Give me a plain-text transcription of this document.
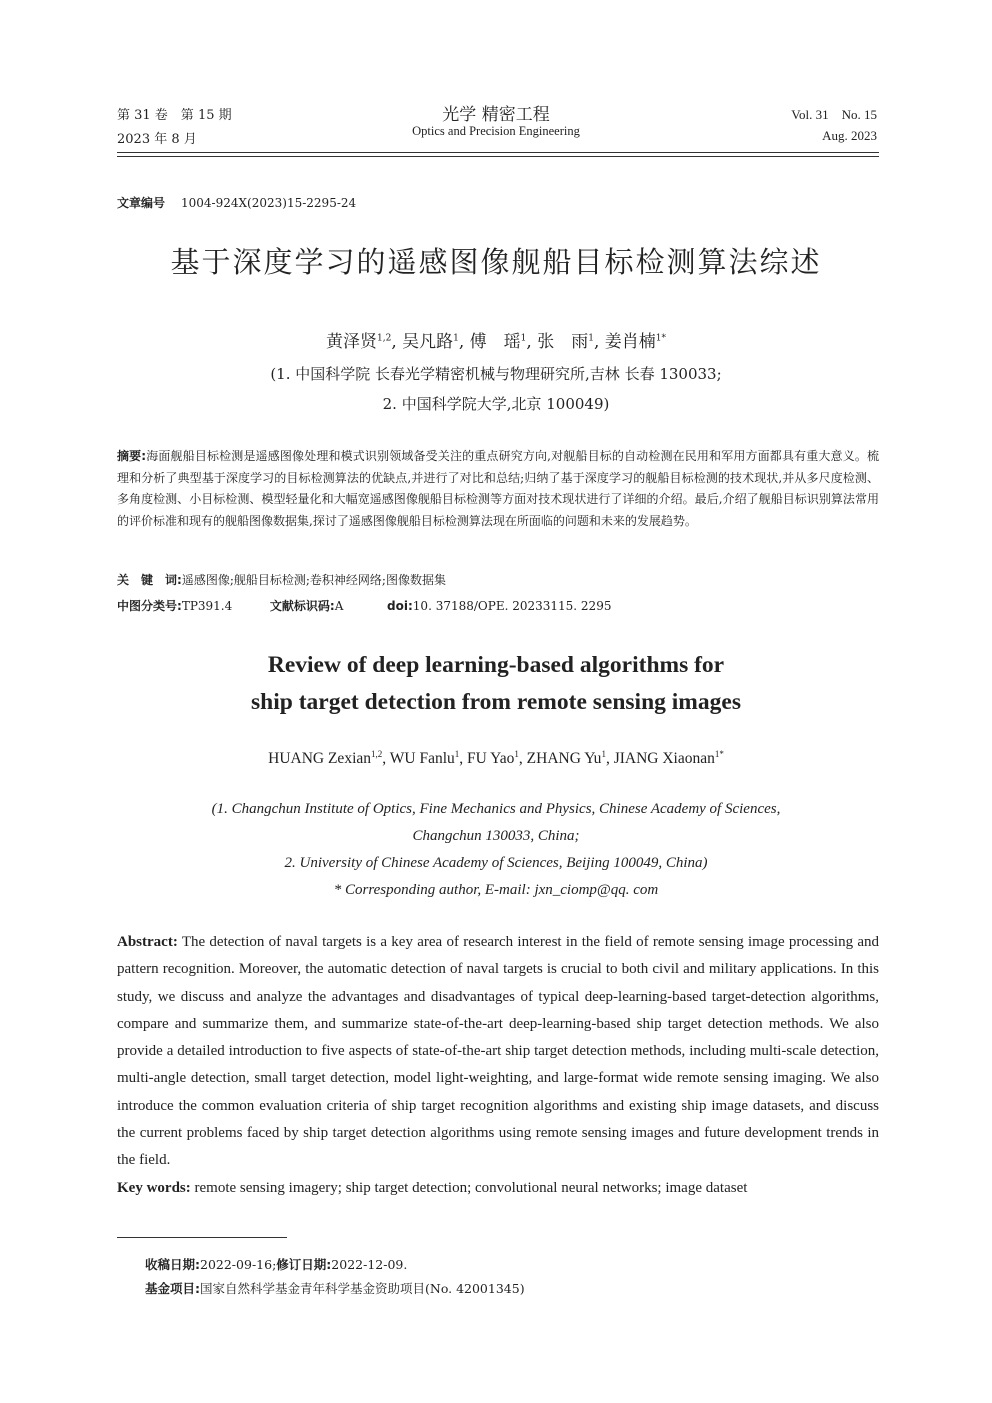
第 31 卷　第 15 期
2023 年 8 月
光学 精密工程
Optics and Precision Engineering
Vol. 31　No. 15
Aug. 2023
文章编号 1004-924X(2023)15-2295-24
基于深度学习的遥感图像舰船目标检测算法综述
黄泽贤$^{1,2}$, 吴凡路$^1$, 傅　瑶$^1$, 张　雨$^1$, 姜肖楠$^{1*}$
(1. 中国科学院 长春光学精密机械与物理研究所,吉林 长春 130033;
2. 中国科学院大学,北京 100049)
摘要:海面舰船目标检测是遥感图像处理和模式识别领域备受关注的重点研究方向,对舰船目标的自动检测在民用和军用方面都具有重大意义。梳理和分析了典型基于深度学习的目标检测算法的优缺点,并进行了对比和总结;归纳了基于深度学习的舰船目标检测的技术现状,并从多尺度检测、多角度检测、小目标检测、模型轻量化和大幅宽遥感图像舰船目标检测等方面对技术现状进行了详细的介绍。最后,介绍了舰船目标识别算法常用的评价标准和现有的舰船图像数据集,探讨了遥感图像舰船目标检测算法现在所面临的问题和未来的发展趋势。
关　键　词:遥感图像;舰船目标检测;卷积神经网络;图像数据集
中图分类号:TP391.4	文献标识码:A	doi:10. 37188/OPE. 20233115. 2295
Review of deep learning-based algorithms for
ship target detection from remote sensing images
HUANG Zexian$^{1,2}$, WU Fanlu$^1$, FU Yao$^1$, ZHANG Yu$^1$, JIANG Xiaonan$^{1*}$
(1. Changchun Institute of Optics, Fine Mechanics and Physics, Chinese Academy of Sciences,
Changchun 130033, China;
2. University of Chinese Academy of Sciences, Beijing 100049, China)
* Corresponding author, E-mail: jxn_ciomp@qq. com
Abstract: The detection of naval targets is a key area of research interest in the field of remote sensing image processing and pattern recognition. Moreover, the automatic detection of naval targets is crucial to both civil and military applications. In this study, we discuss and analyze the advantages and disadvantages of typical deep-learning-based target-detection algorithms, compare and summarize them, and summarize state-of-the-art deep-learning-based ship target detection methods. We also provide a detailed introduction to five aspects of state-of-the-art ship target detection methods, including multi-scale detection, multi-angle detection, small target detection, model light-weighting, and large-format wide remote sensing imaging. We also introduce the common evaluation criteria of ship target recognition algorithms and existing ship image datasets, and discuss the current problems faced by ship target detection algorithms using remote sensing images and future development trends in the field.
Key words: remote sensing imagery; ship target detection; convolutional neural networks; image dataset
收稿日期:2022-09-16;修订日期:2022-12-09.
基金项目:国家自然科学基金青年科学基金资助项目(No. 42001345)
